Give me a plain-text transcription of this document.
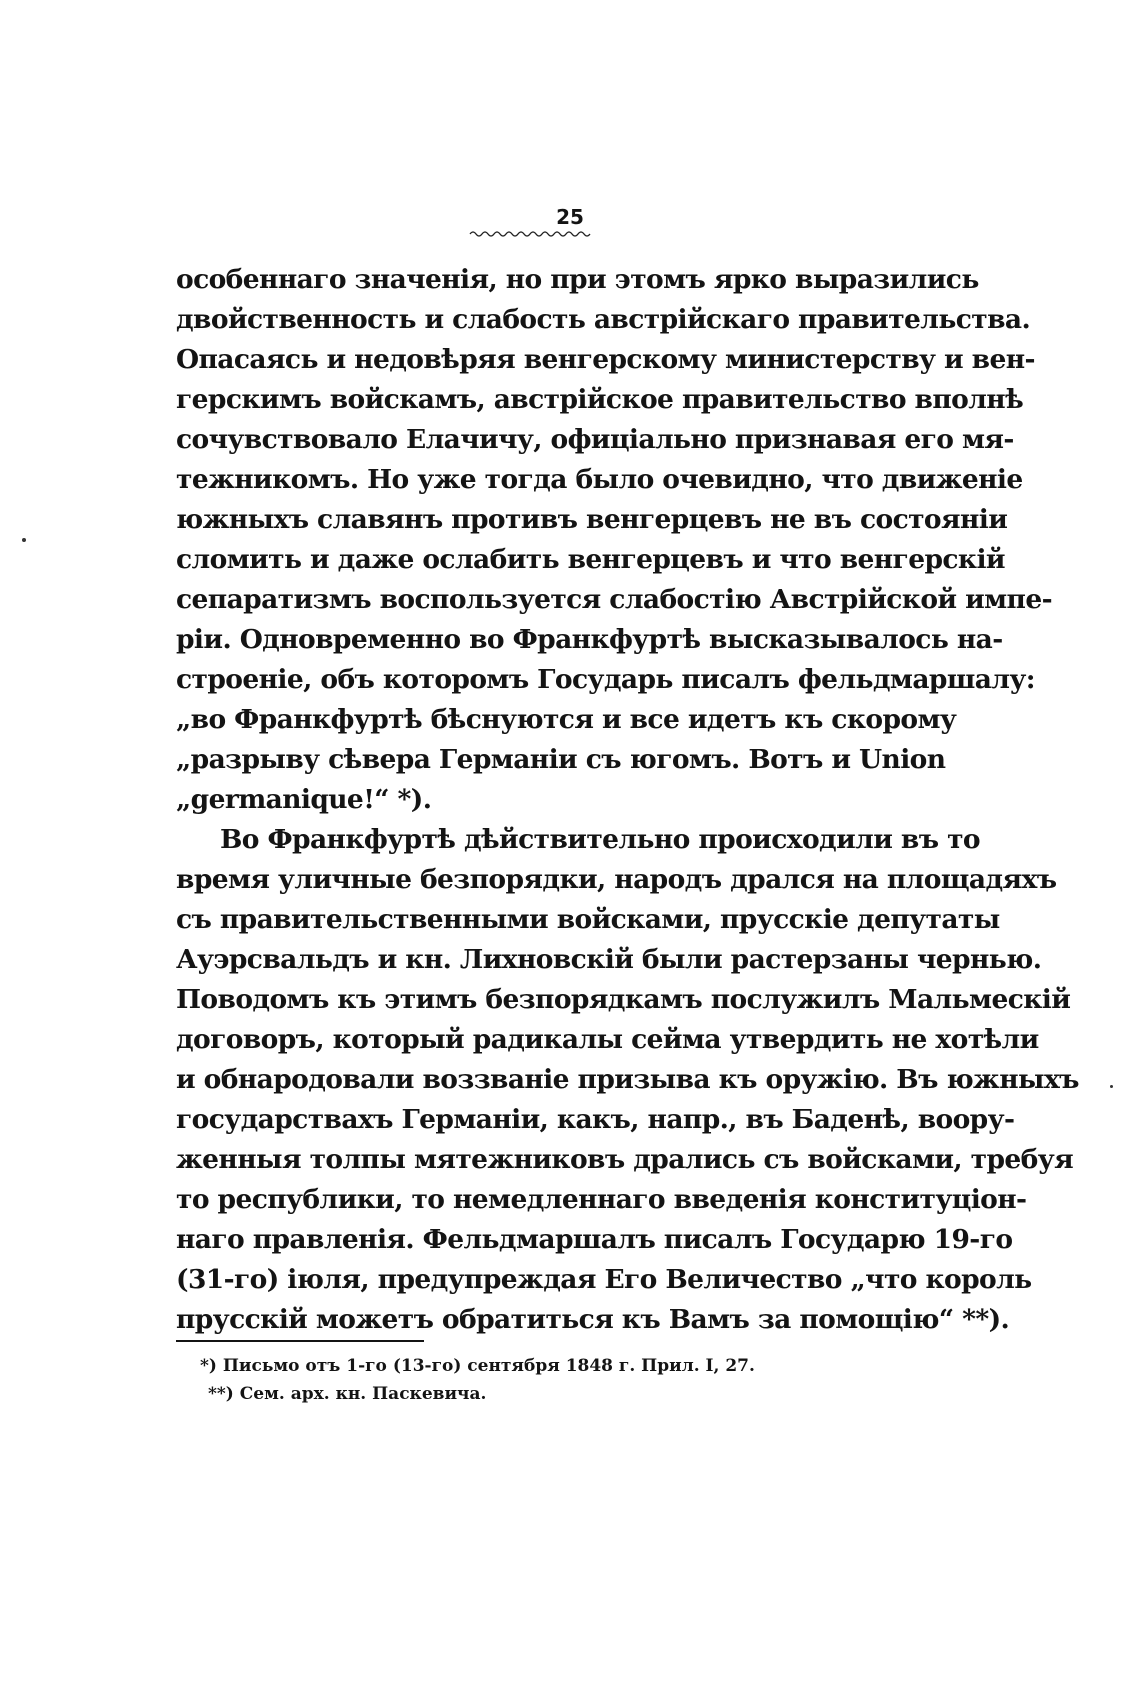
25
особеннаго значенія, но при этомъ ярко выразились
двойственность и слабость австрійскаго правительства.
Опасаясь и недовѣряя венгерскому министерству и вен-
герскимъ войскамъ, австрійское правительство вполнѣ
сочувствовало Елачичу, офиціально признавая его мя-
тежникомъ. Но уже тогда было очевидно, что движеніе
южныхъ славянъ противъ венгерцевъ не въ состояніи
сломить и даже ослабить венгерцевъ и что венгерскій
сепаратизмъ воспользуется слабостію Австрійской импе-
ріи. Одновременно во Франкфуртѣ высказывалось на-
строеніе, объ которомъ Государь писалъ фельдмаршалу:
„во Франкфуртѣ бѣснуются и все идетъ къ скорому
„разрыву сѣвера Германіи съ югомъ. Вотъ и Union
„germanique!“ *).
Во Франкфуртѣ дѣйствительно происходили въ то
время уличные безпорядки, народъ дрался на площадяхъ
съ правительственными войсками, прусскіе депутаты
Ауэрсвальдъ и кн. Лихновскій были растерзаны чернью.
Поводомъ къ этимъ безпорядкамъ послужилъ Мальмескій
договоръ, который радикалы сейма утвердить не хотѣли
и обнародовали воззваніе призыва къ оружію. Въ южныхъ
государствахъ Германіи, какъ, напр., въ Баденѣ, воору-
женныя толпы мятежниковъ дрались съ войсками, требуя
то республики, то немедленнаго введенія конституціон-
наго правленія. Фельдмаршалъ писалъ Государю 19-го
(31-го) іюля, предупреждая Его Величество „что король
прусскій можетъ обратиться къ Вамъ за помощію“ **).
*) Письмо отъ 1-го (13-го) сентября 1848 г. Прил. I, 27.
**) Сем. арх. кн. Паскевича.
